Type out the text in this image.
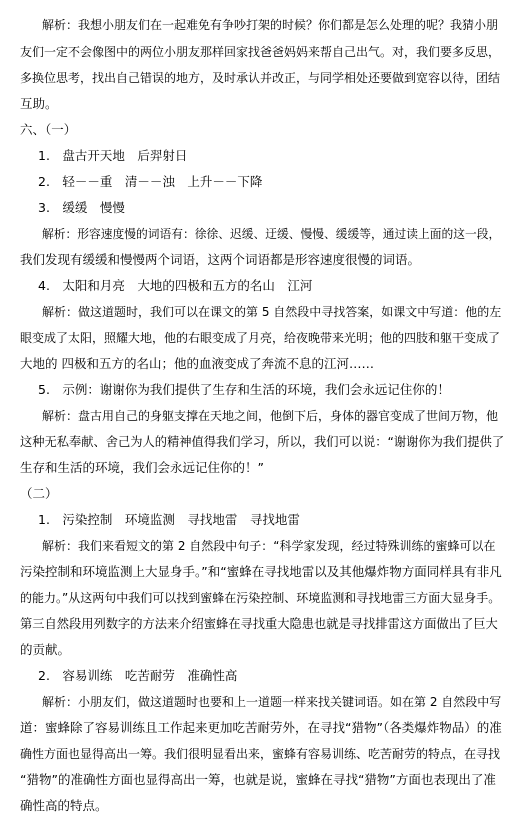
解析：我想小朋友们在一起难免有争吵打架的时候？你们都是怎么处理的呢？我猜小朋
友们一定不会像图中的两位小朋友那样回家找爸爸妈妈来帮自己出气。对，我们要多反思，
多换位思考，找出自己错误的地方，及时承认并改正，与同学相处还要做到宽容以待，团结
互助。
六、（一）
1.　盘古开天地　后羿射日
2.　轻－－重　清－－浊　上升－－下降
3.　缓缓　慢慢
解析：形容速度慢的词语有：徐徐、迟缓、迂缓、慢慢、缓缓等，通过读上面的这一段，
我们发现有缓缓和慢慢两个词语，这两个词语都是形容速度很慢的词语。
4.　太阳和月亮　大地的四极和五方的名山　江河
解析：做这道题时，我们可以在课文的第 5 自然段中寻找答案，如课文中写道：他的左
眼变成了太阳，照耀大地，他的右眼变成了月亮，给夜晚带来光明；他的四肢和躯干变成了
大地的 四极和五方的名山；他的血液变成了奔流不息的江河……
5.　示例：谢谢你为我们提供了生存和生活的环境，我们会永远记住你的！
解析：盘古用自己的身躯支撑在天地之间，他倒下后，身体的器官变成了世间万物，他
这种无私奉献、舍己为人的精神值得我们学习，所以，我们可以说：“谢谢你为我们提供了
生存和生活的环境，我们会永远记住你的！”
（二）
1.　污染控制　环境监测　寻找地雷　寻找地雷
解析：我们来看短文的第 2 自然段中句子：“科学家发现，经过特殊训练的蜜蜂可以在
污染控制和环境监测上大显身手。”和“蜜蜂在寻找地雷以及其他爆炸物方面同样具有非凡
的能力。”从这两句中我们可以找到蜜蜂在污染控制、环境监测和寻找地雷三方面大显身手。
第三自然段用列数字的方法来介绍蜜蜂在寻找重大隐患也就是寻找排雷这方面做出了巨大
的贡献。
2.　容易训练　吃苦耐劳　准确性高
解析：小朋友们，做这道题时也要和上一道题一样来找关键词语。如在第 2 自然段中写
道：蜜蜂除了容易训练且工作起来更加吃苦耐劳外，在寻找“猎物”（各类爆炸物品）的准
确性方面也显得高出一筹。我们很明显看出来，蜜蜂有容易训练、吃苦耐劳的特点，在寻找
“猎物”的准确性方面也显得高出一筹，也就是说，蜜蜂在寻找“猎物”方面也表现出了准
确性高的特点。
